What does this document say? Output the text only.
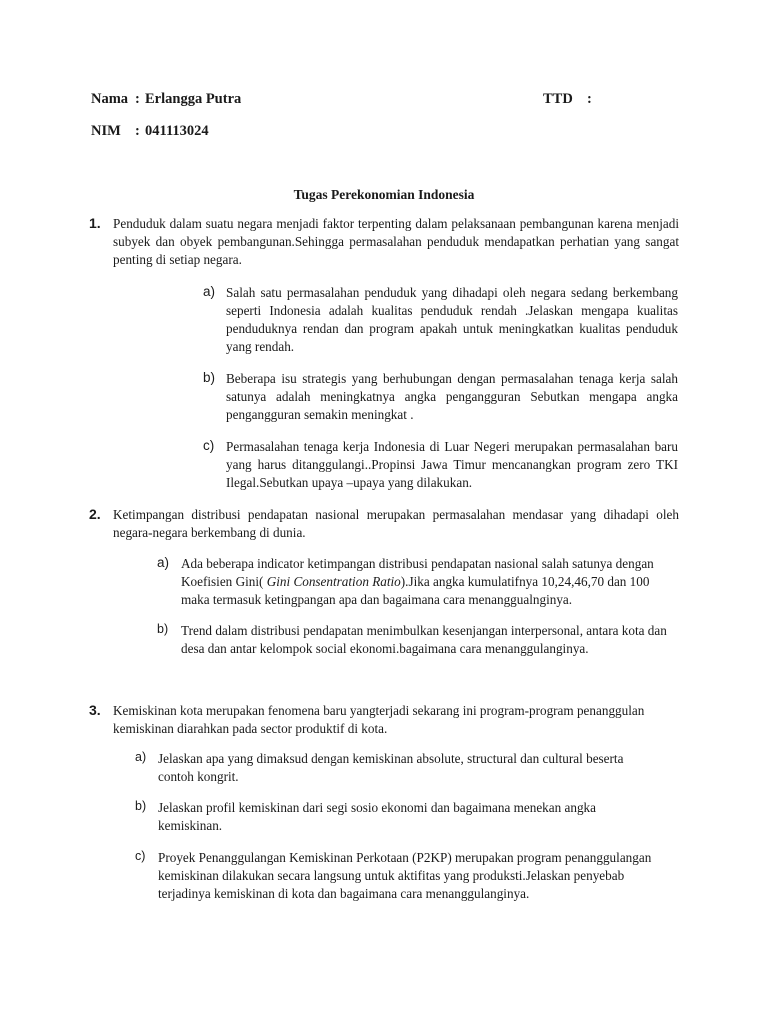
Nama : Erlangga Putra	TTD :
NIM : 041113024
Tugas Perekonomian Indonesia
1. Penduduk dalam suatu negara menjadi faktor terpenting dalam pelaksanaan pembangunan karena menjadi subyek dan obyek pembangunan.Sehingga permasalahan penduduk mendapatkan perhatian yang sangat penting di setiap negara.
a) Salah satu permasalahan penduduk yang dihadapi oleh negara sedang berkembang seperti Indonesia adalah kualitas penduduk rendah .Jelaskan mengapa kualitas penduduknya rendan dan program apakah untuk meningkatkan kualitas penduduk yang rendah.
b) Beberapa isu strategis yang berhubungan dengan permasalahan tenaga kerja salah satunya adalah meningkatnya angka pengangguran Sebutkan mengapa angka pengangguran semakin meningkat .
c) Permasalahan tenaga kerja Indonesia di Luar Negeri merupakan permasalahan baru yang harus ditanggulangi..Propinsi Jawa Timur mencanangkan program zero TKI Ilegal.Sebutkan upaya –upaya yang dilakukan.
2. Ketimpangan distribusi pendapatan nasional merupakan permasalahan mendasar yang dihadapi oleh negara-negara berkembang di dunia.
a) Ada beberapa indicator ketimpangan distribusi pendapatan nasional salah satunya dengan Koefisien Gini( Gini Consentration Ratio).Jika angka kumulatifnya 10,24,46,70 dan 100 maka termasuk ketingpangan apa dan bagaimana cara menanggualnginya.
b) Trend dalam distribusi pendapatan menimbulkan kesenjangan interpersonal, antara kota dan desa dan antar kelompok social ekonomi.bagaimana cara menanggulanginya.
3. Kemiskinan kota merupakan fenomena baru yangterjadi sekarang ini program-program penanggulan kemiskinan diarahkan pada sector produktif di kota.
a) Jelaskan apa yang dimaksud dengan kemiskinan absolute, structural dan cultural beserta contoh kongrit.
b) Jelaskan profil kemiskinan dari segi sosio ekonomi dan bagaimana menekan angka kemiskinan.
c) Proyek Penanggulangan Kemiskinan Perkotaan (P2KP) merupakan program penanggulangan kemiskinan dilakukan secara langsung untuk aktifitas yang produksti.Jelaskan penyebab terjadinya kemiskinan di kota dan bagaimana cara menanggulanginya.
